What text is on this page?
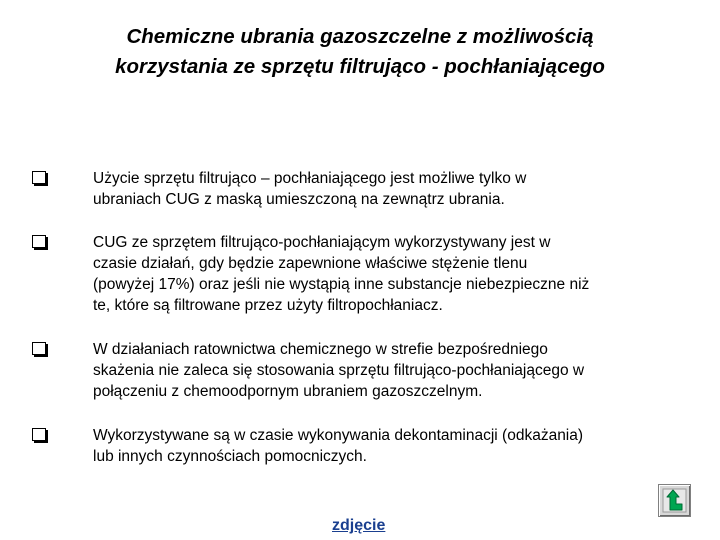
Chemiczne ubrania gazoszczelne z możliwością
korzystania ze sprzętu filtrująco - pochłaniającego

Użycie sprzętu filtrująco – pochłaniającego jest możliwe tylko w
ubraniach CUG z maską umieszczoną na zewnątrz ubrania.

CUG ze sprzętem filtrująco-pochłaniającym wykorzystywany jest w
czasie działań, gdy będzie zapewnione właściwe stężenie tlenu
(powyżej 17%) oraz jeśli nie wystąpią inne substancje niebezpieczne niż
te, które są filtrowane przez użyty filtropochłaniacz.

W działaniach ratownictwa chemicznego w strefie bezpośredniego
skażenia nie zaleca się stosowania sprzętu filtrująco-pochłaniającego w
połączeniu z chemoodpornym ubraniem gazoszczelnym.

Wykorzystywane są w czasie wykonywania dekontaminacji (odkażania)
lub innych czynnościach pomocniczych.

zdjęcie
